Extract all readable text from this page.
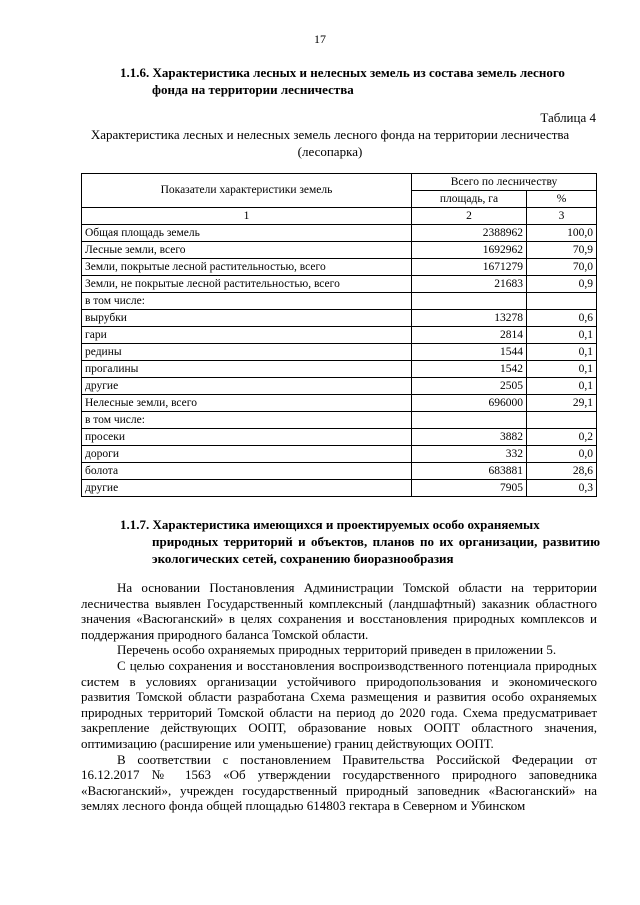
17
1.1.6. Характеристика лесных и нелесных земель из состава земель лесного
фонда на территории лесничества
Таблица 4
Характеристика лесных и нелесных земель лесного фонда на территории лесничества (лесопарка)
Показатели характеристики земель	Всего по лесничеству	
	площадь, га	%
1	2	3
Общая площадь земель	2388962	100,0
Лесные земли, всего	1692962	70,9
Земли, покрытые лесной растительностью, всего	1671279	70,0
Земли, не покрытые лесной растительностью, всего	21683	0,9
в том числе:		
вырубки	13278	0,6
гари	2814	0,1
редины	1544	0,1
прогалины	1542	0,1
другие	2505	0,1
Нелесные земли, всего	696000	29,1
в том числе:		
просеки	3882	0,2
дороги	332	0,0
болота	683881	28,6
другие	7905	0,3
1.1.7. Характеристика имеющихся и проектируемых особо охраняемых
природных территорий и объектов, планов по их организации, развитию экологических сетей, сохранению биоразнообразия

На основании Постановления Администрации Томской области на территории лесничества выявлен Государственный комплексный (ландшафтный) заказник областного значения «Васюганский» в целях сохранения и восстановления природных комплексов и поддержания природного баланса Томской области.

Перечень особо охраняемых природных территорий приведен в приложении 5.

С целью сохранения и восстановления воспроизводственного потенциала природных систем в условиях организации устойчивого природопользования и экономического развития Томской области разработана Схема размещения и развития особо охраняемых природных территорий Томской области на период до 2020 года. Схема предусматривает закрепление действующих ООПТ, образование новых ООПТ областного значения, оптимизацию (расширение или уменьшение) границ действующих ООПТ.

В соответствии с постановлением Правительства Российской Федерации от 16.12.2017 № 1563 «Об утверждении государственного природного заповедника «Васюганский», учрежден государственный природный заповедник «Васюганский» на землях лесного фонда общей площадью 614803 гектара в Северном и Убинском
